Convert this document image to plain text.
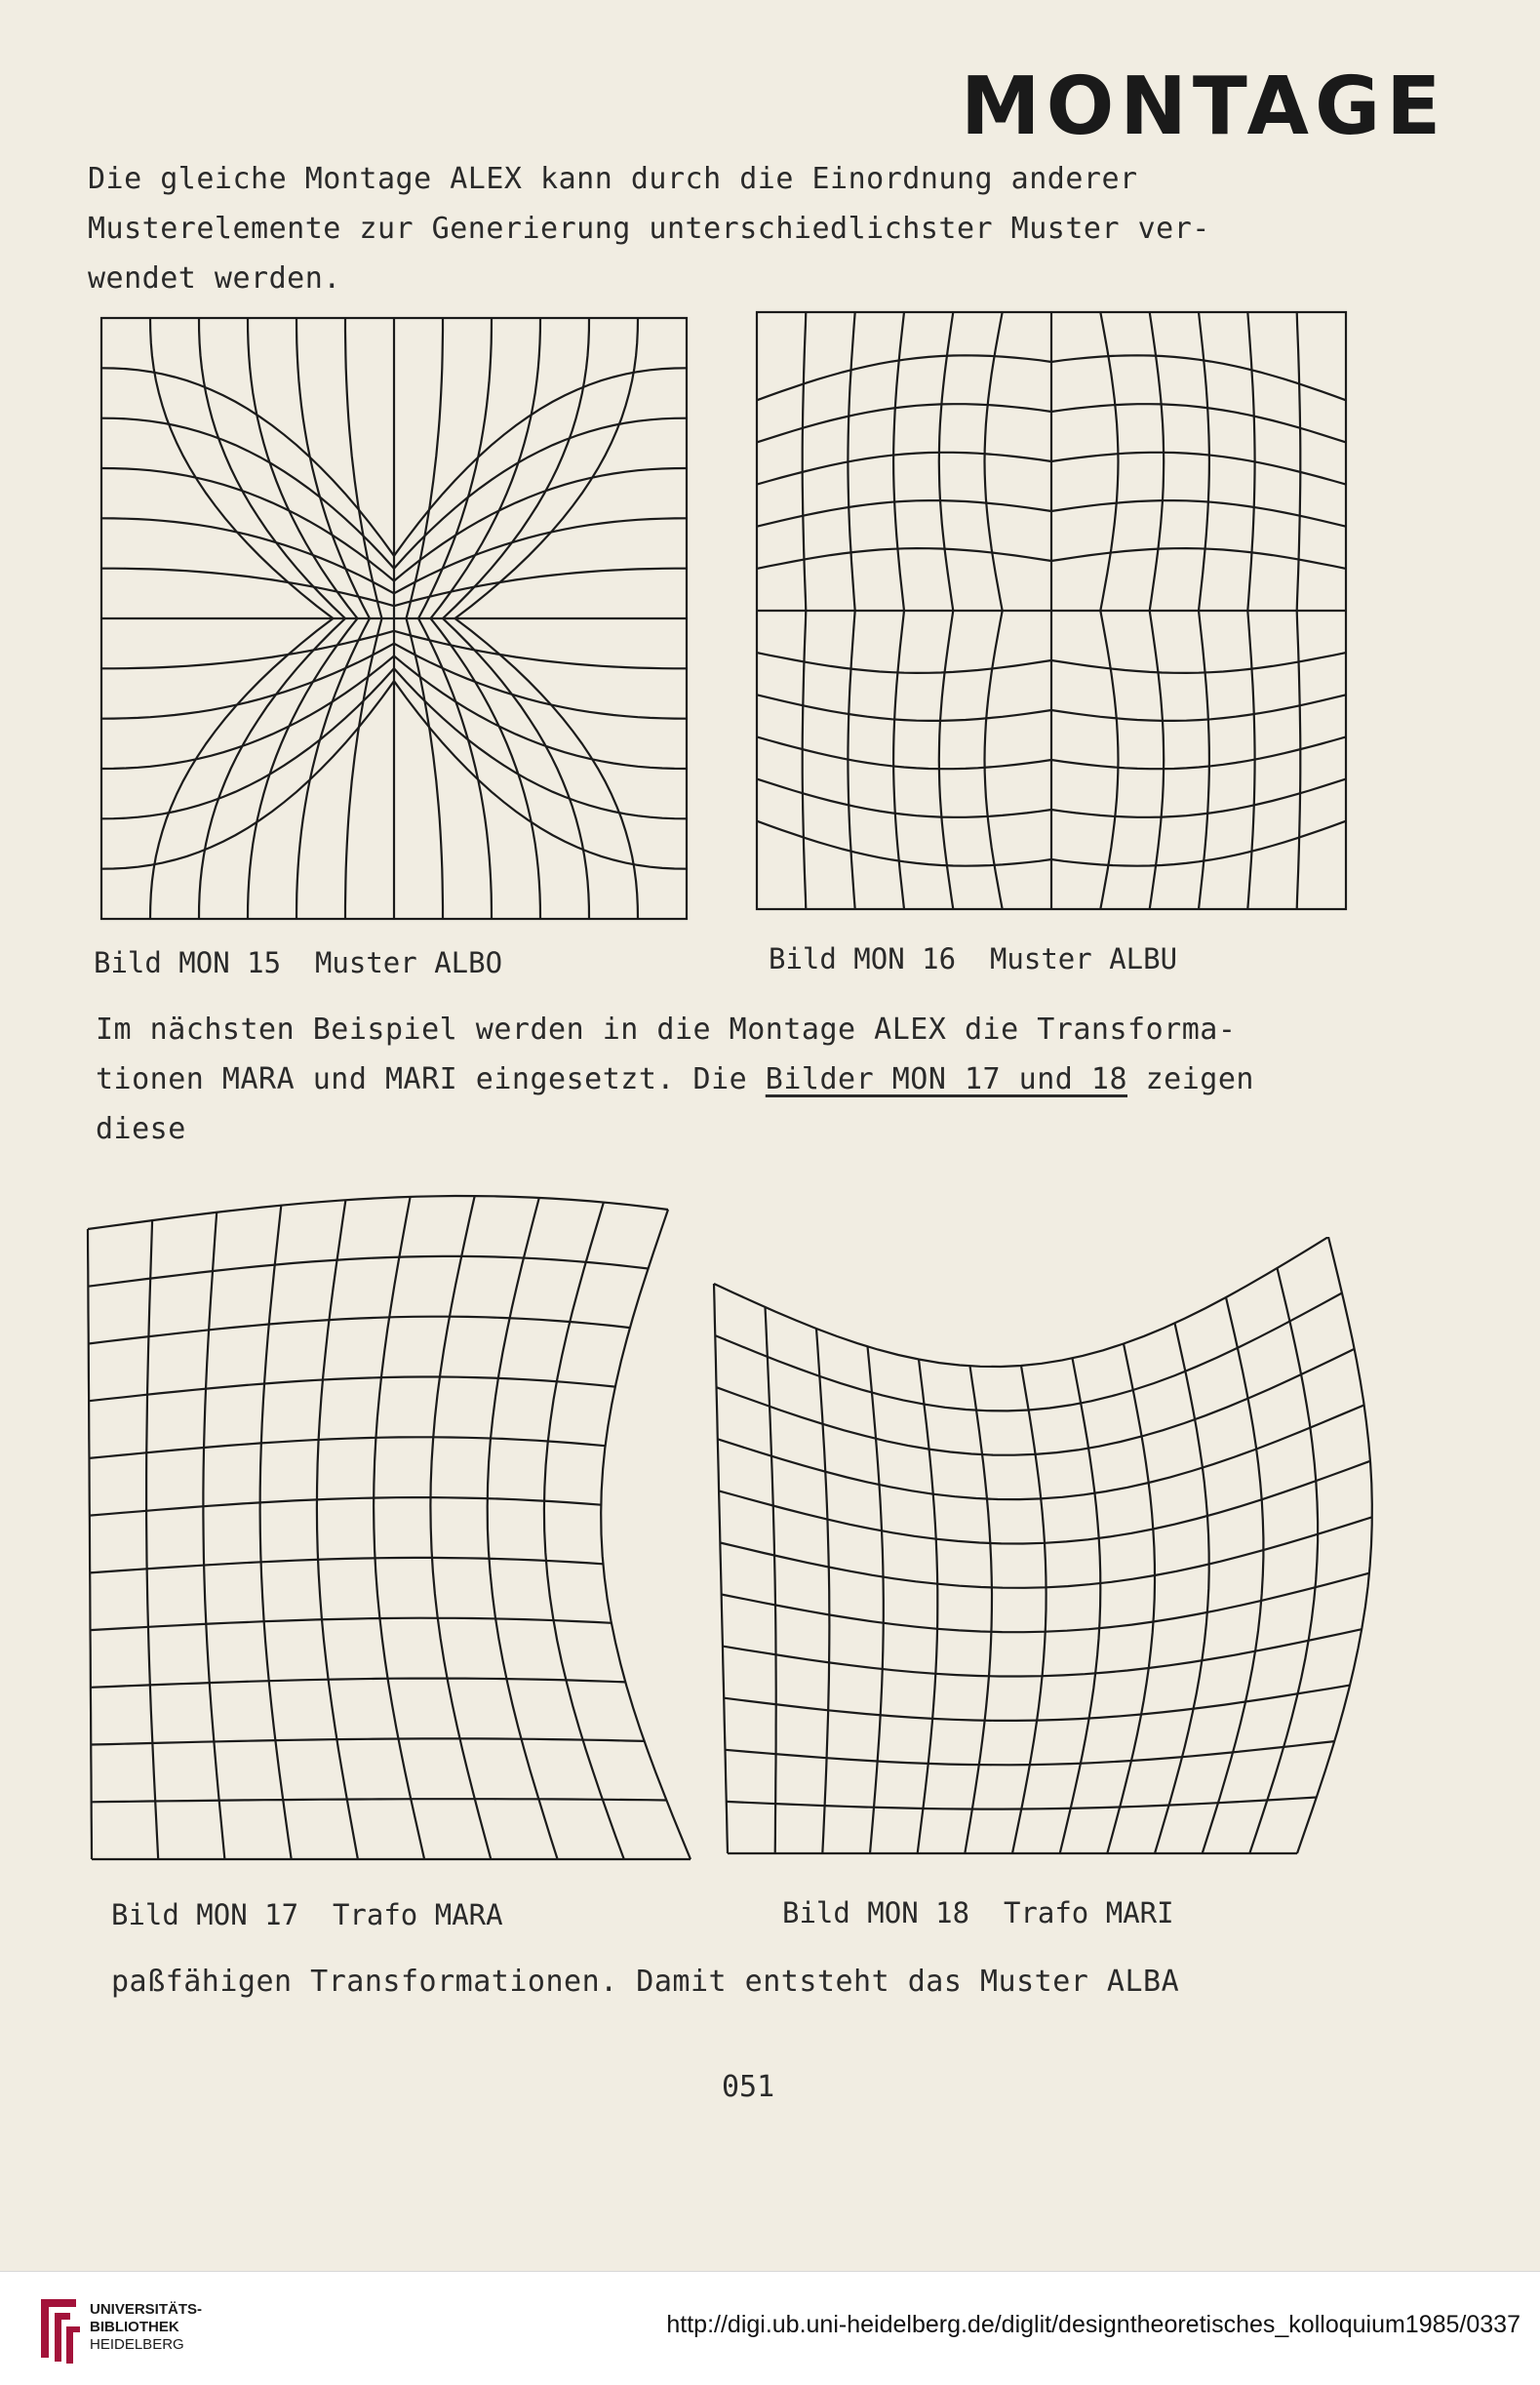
MONTAGE
Die gleiche Montage ALEX kann durch die Einordnung anderer
Musterelemente zur Generierung unterschiedlichster Muster ver-
wendet werden.
Bild MON 15  Muster ALBO	Bild MON 16  Muster ALBU
Im nächsten Beispiel werden in die Montage ALEX die Transforma-
tionen MARA und MARI eingesetzt. Die Bilder MON 17 und 18 zeigen
diese
Bild MON 17  Trafo MARA	Bild MON 18  Trafo MARI
paßfähigen Transformationen. Damit entsteht das Muster ALBA
051
UNIVERSITÄTS-
BIBLIOTHEK
HEIDELBERG
http://digi.ub.uni-heidelberg.de/diglit/designtheoretisches_kolloquium1985/0337
